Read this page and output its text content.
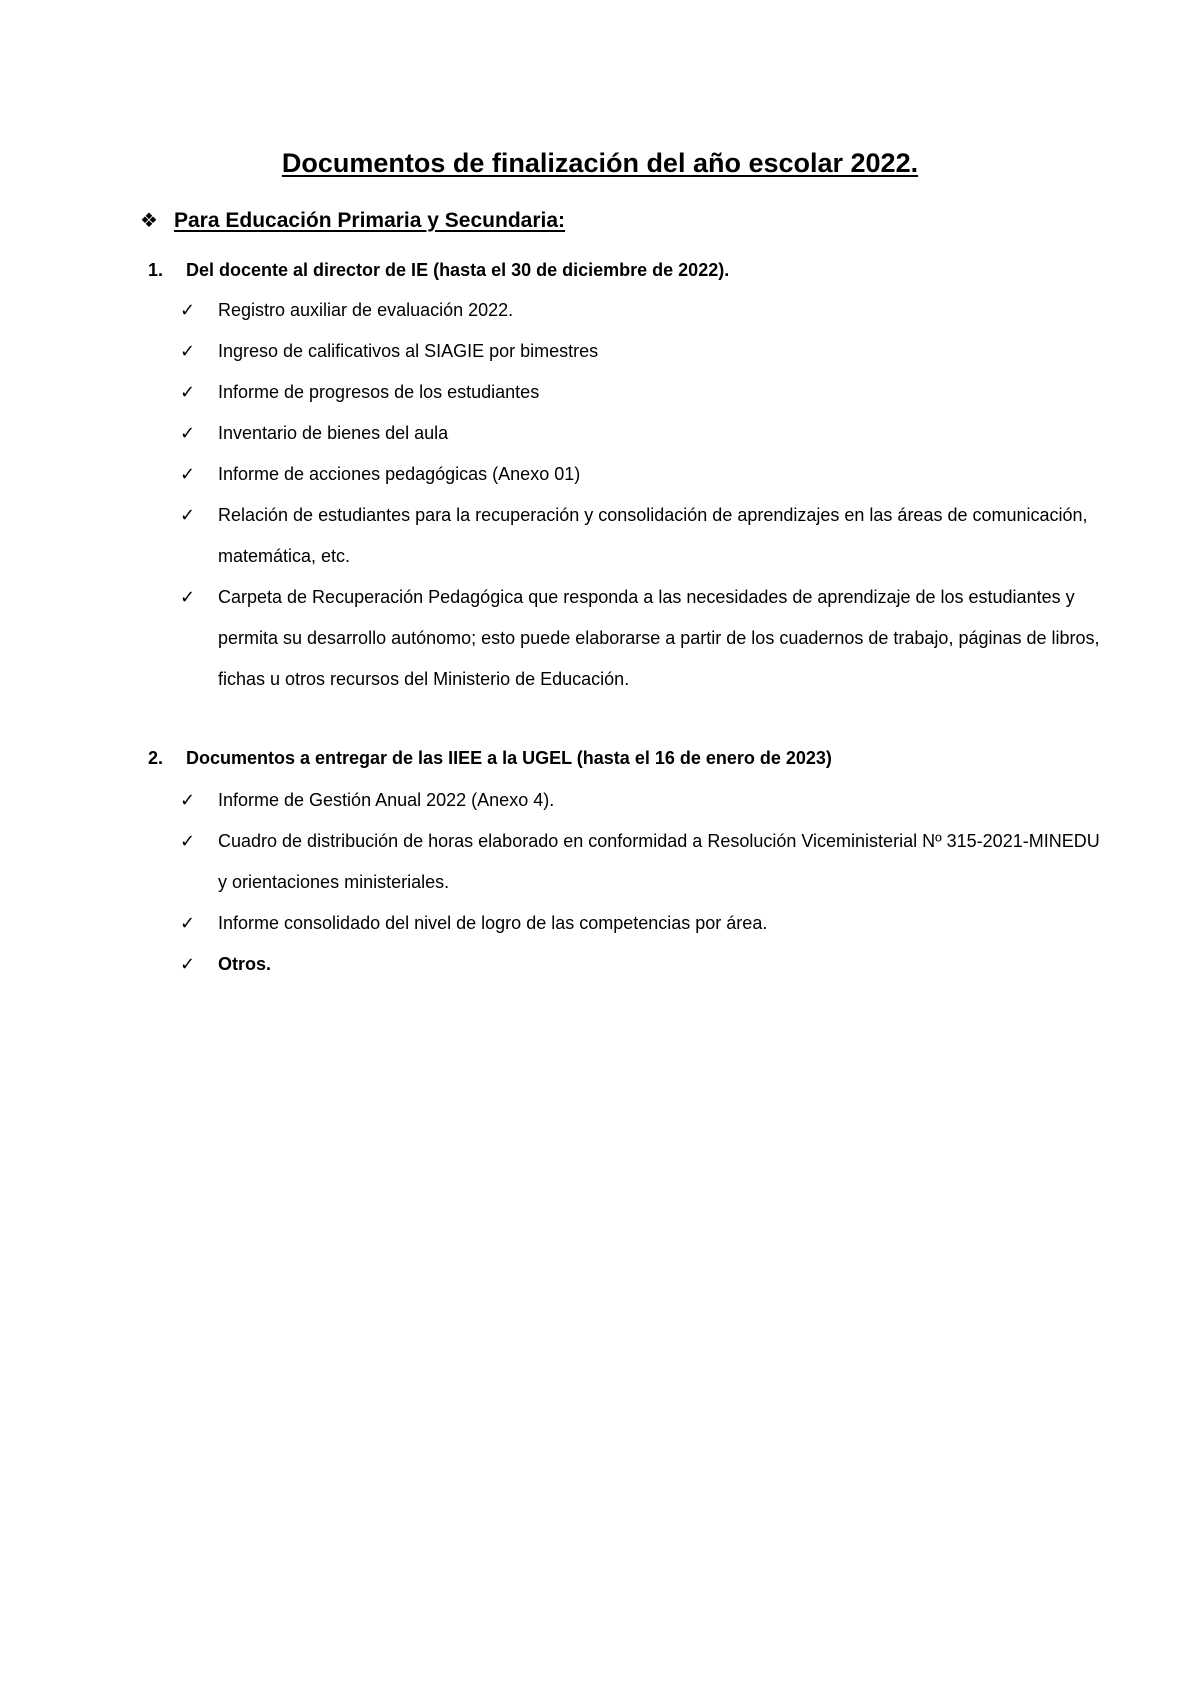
Documentos de finalización del año escolar 2022.
❖ Para Educación Primaria y Secundaria:
1. Del docente al director de IE (hasta el 30 de diciembre de 2022).
✓	Registro auxiliar de evaluación 2022.
✓	Ingreso de calificativos al SIAGIE por bimestres
✓	Informe de progresos de los estudiantes
✓	Inventario de bienes del aula
✓	Informe de acciones pedagógicas (Anexo 01)
✓	Relación de estudiantes para la recuperación y consolidación de aprendizajes en las áreas de comunicación, matemática, etc.
✓	Carpeta de Recuperación Pedagógica que responda a las necesidades de aprendizaje de los estudiantes y permita su desarrollo autónomo; esto puede elaborarse a partir de los cuadernos de trabajo, páginas de libros, fichas u otros recursos del Ministerio de Educación.
2. Documentos a entregar de las IIEE a la UGEL (hasta el 16 de enero de 2023)
✓	Informe de Gestión Anual 2022 (Anexo 4).
✓	Cuadro de distribución de horas elaborado en conformidad a Resolución Viceministerial Nº 315-2021-MINEDU y orientaciones ministeriales.
✓	Informe consolidado del nivel de logro de las competencias por área.
✓	Otros.
